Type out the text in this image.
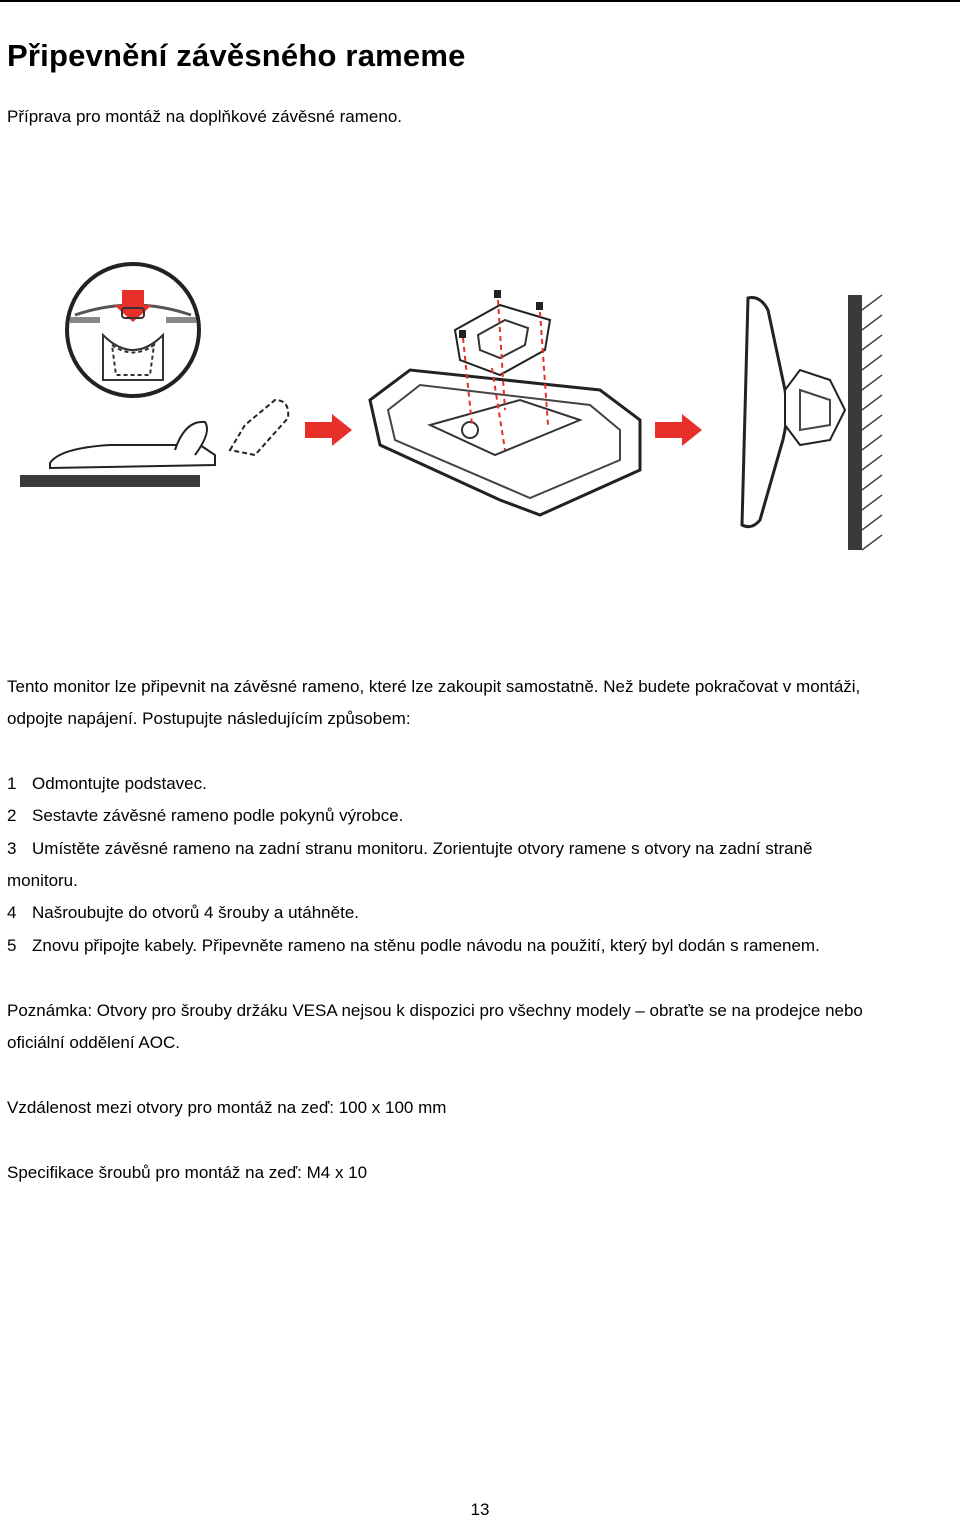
Připevnění závěsného rameme

Příprava pro montáž na doplňkové závěsné rameno.

Tento monitor lze připevnit na závěsné rameno, které lze zakoupit samostatně. Než budete pokračovat v montáži,

odpojte napájení. Postupujte následujícím způsobem:

1 Odmontujte podstavec.

2 Sestavte závěsné rameno podle pokynů výrobce.

3 Umístěte závěsné rameno na zadní stranu monitoru. Zorientujte otvory ramene s otvory na zadní straně

monitoru.

4 Našroubujte do otvorů 4 šrouby a utáhněte.

5 Znovu připojte kabely. Připevněte rameno na stěnu podle návodu na použití, který byl dodán s ramenem.

Poznámka: Otvory pro šrouby držáku VESA nejsou k dispozici pro všechny modely – obraťte se na prodejce nebo

oficiální oddělení AOC.

Vzdálenost mezi otvory pro montáž na zeď: 100 x 100 mm

Specifikace šroubů pro montáž na zeď: M4 x 10

13
